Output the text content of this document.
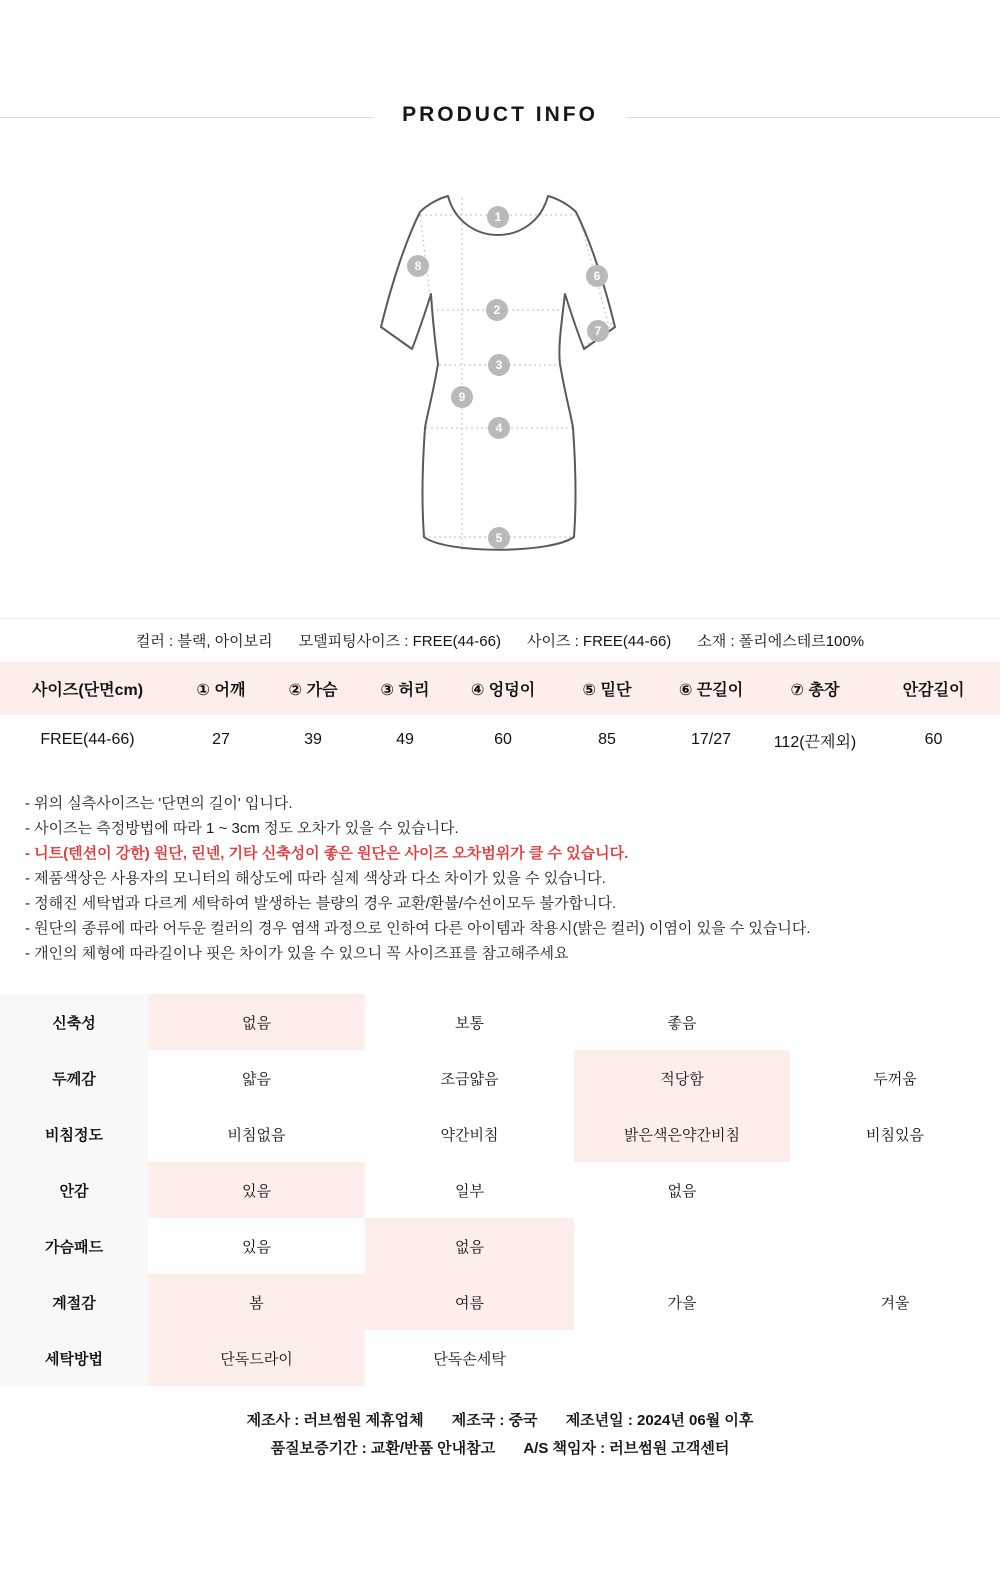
PRODUCT INFO
1
2
3
4
5
6
7
8
9
컬러 : 블랙, 아이보리 모델피팅사이즈 : FREE(44-66) 사이즈 : FREE(44-66) 소재 : 폴리에스테르100%
사이즈(단면cm)	① 어깨	② 가슴	③ 허리	④ 엉덩이	⑤ 밑단	⑥ 끈길이	⑦ 총장	안감길이
FREE(44-66)	27	39	49	60	85	17/27	112(끈제외)	60
- 위의 실측사이즈는 '단면의 길이' 입니다.
- 사이즈는 측정방법에 따라 1 ~ 3cm 정도 오차가 있을 수 있습니다.
- 니트(텐션이 강한) 원단, 린넨, 기타 신축성이 좋은 원단은 사이즈 오차범위가 클 수 있습니다.
- 제품색상은 사용자의 모니터의 해상도에 따라 실제 색상과 다소 차이가 있을 수 있습니다.
- 정해진 세탁법과 다르게 세탁하여 발생하는 블량의 경우 교환/환불/수선이모두 불가합니다.
- 원단의 종류에 따라 어두운 컬러의 경우 염색 과정으로 인하여 다른 아이템과 착용시(밝은 컬러) 이염이 있을 수 있습니다.
- 개인의 체형에 따라길이나 핏은 차이가 있을 수 있으니 꼭 사이즈표를 참고해주세요
신축성	없음	보통	좋음
두께감	얇음	조금얇음	적당함	두꺼움
비침정도	비침없음	약간비침	밝은색은약간비침	비침있음
안감	있음	일부	없음
가슴패드	있음	없음
계절감	봄	여름	가을	겨울
세탁방법	단독드라이	단독손세탁
제조사 : 러브썸원 제휴업체 제조국 : 중국 제조년일 : 2024년 06월 이후
품질보증기간 : 교환/반품 안내참고 A/S 책임자 : 러브썸원 고객센터
